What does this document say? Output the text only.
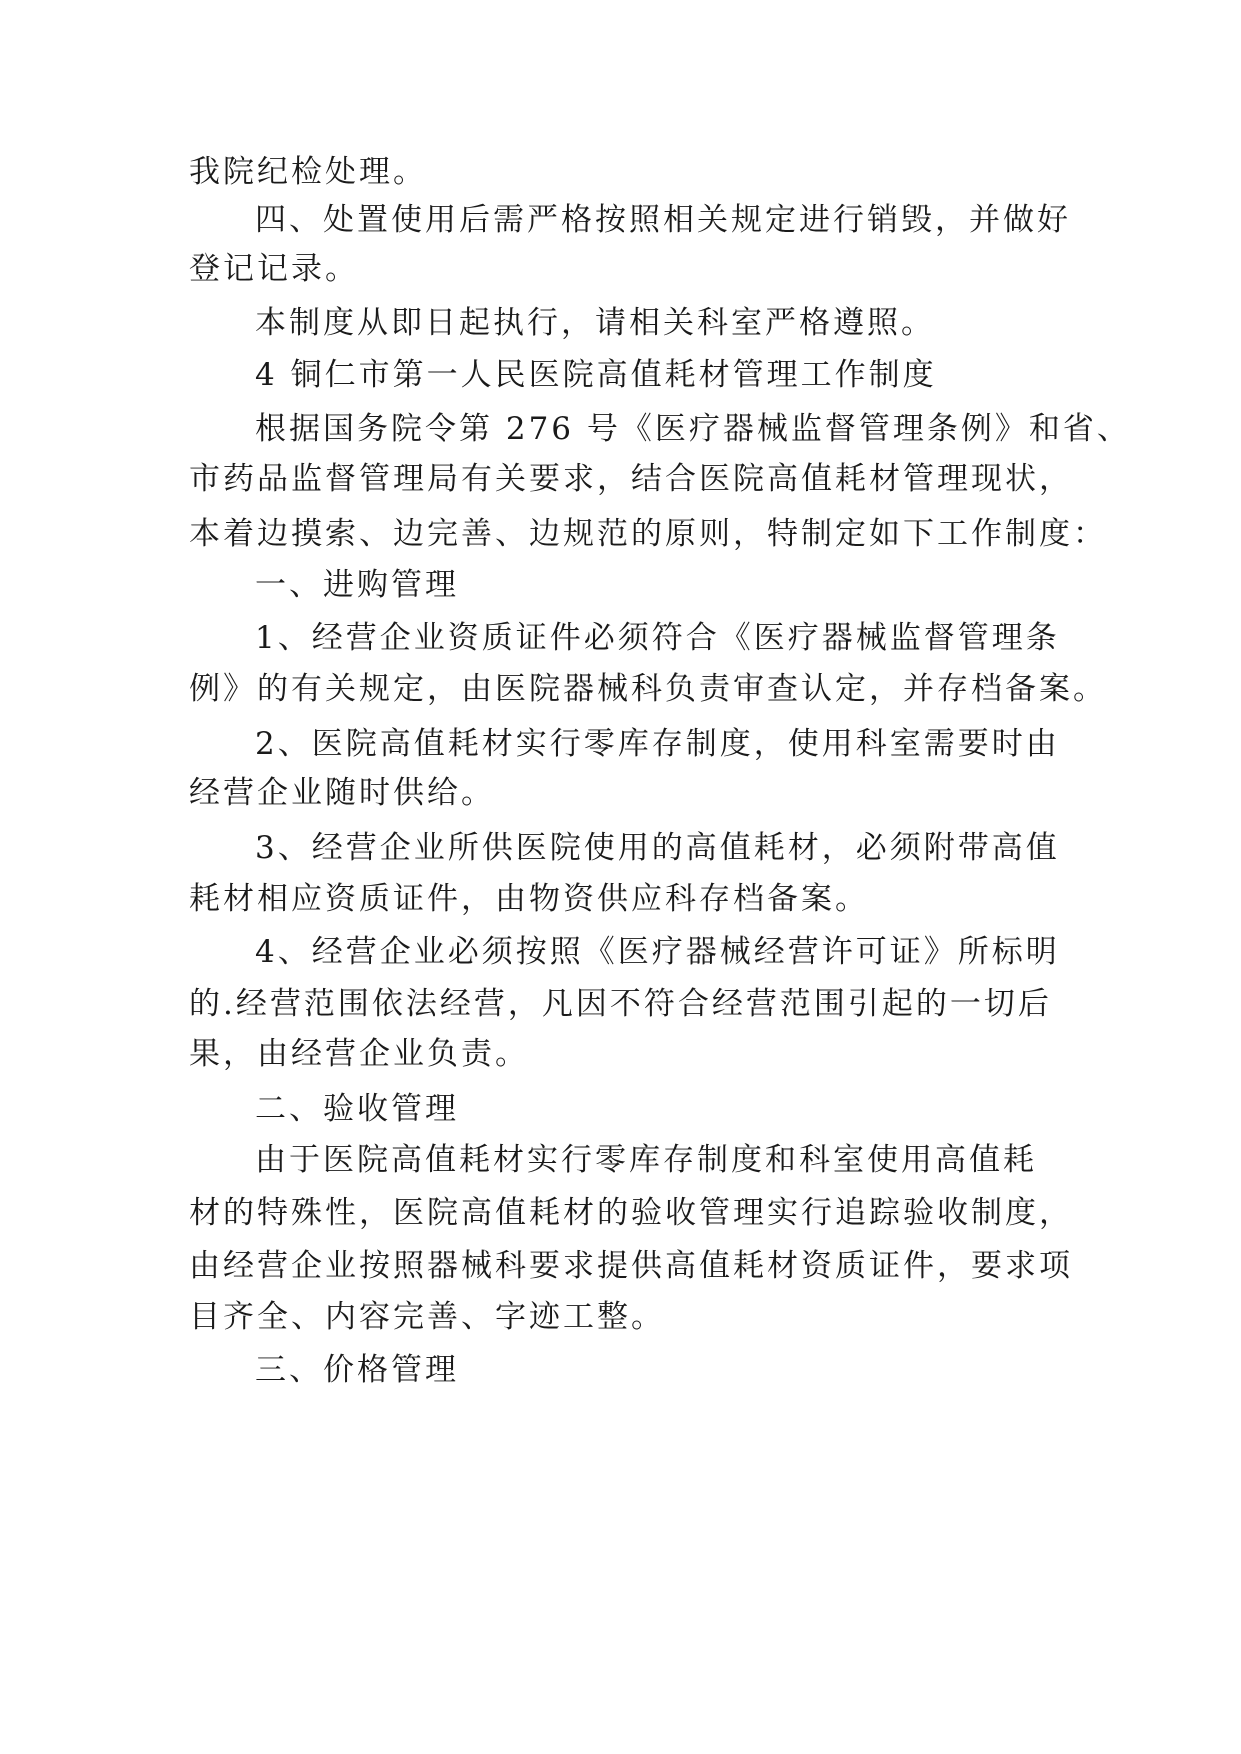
我院纪检处理。
四、处置使用后需严格按照相关规定进行销毁，并做好
登记记录。
本制度从即日起执行，请相关科室严格遵照。
4 铜仁市第一人民医院高值耗材管理工作制度
根据国务院令第 276 号《医疗器械监督管理条例》和省、
市药品监督管理局有关要求，结合医院高值耗材管理现状，
本着边摸索、边完善、边规范的原则，特制定如下工作制度：
一、进购管理
1、经营企业资质证件必须符合《医疗器械监督管理条
例》的有关规定，由医院器械科负责审查认定，并存档备案。
2、医院高值耗材实行零库存制度，使用科室需要时由
经营企业随时供给。
3、经营企业所供医院使用的高值耗材，必须附带高值
耗材相应资质证件，由物资供应科存档备案。
4、经营企业必须按照《医疗器械经营许可证》所标明
的.经营范围依法经营，凡因不符合经营范围引起的一切后
果，由经营企业负责。
二、验收管理
由于医院高值耗材实行零库存制度和科室使用高值耗
材的特殊性，医院高值耗材的验收管理实行追踪验收制度，
由经营企业按照器械科要求提供高值耗材资质证件，要求项
目齐全、内容完善、字迹工整。
三、价格管理
